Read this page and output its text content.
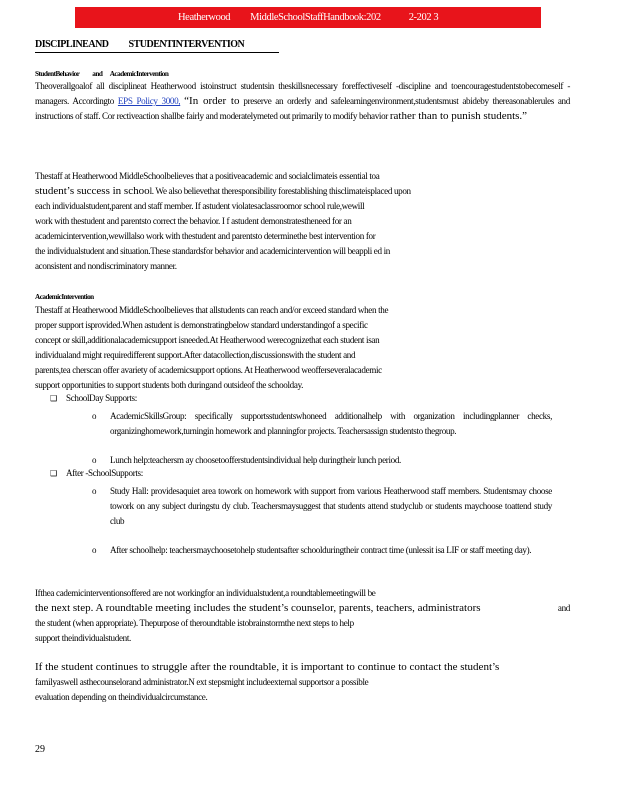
Heatherwood MiddleSchoolStaffHandbook:202	2-202 3
DISCIPLINEAND          STUDENTINTERVENTION
StudentBehavior          and      AcademicIntervention
Theoverallgoalof all disciplineat Heatherwood istoinstruct studentsin theskillsnecessary foreffectiveself -discipline and toencouragestudentstobecomeself -managers. Accordingto EPS Policy 3000, “In order to preserve an orderly and safelearningenvironment,studentsmust abideby thereasonablerules and instructions of staff. Cor rectiveaction shallbe fairly and moderatelymeted out primarily to modify behavior rather than to punish students.”
Thestaff at Heatherwood MiddleSchoolbelieves that a positiveacademic and socialclimateis essential toa
student’s success in school. We also believethat theresponsibility forestablishing thisclimateisplaced upon
each individualstudent,parent and staff member. If astudent violatesaclassroomor school rule,wewill
work with thestudent and parentsto correct the behavior. I f astudent demonstratestheneed for an
academicintervention,wewillalso work with thestudent and parentsto determinethe best intervention for
the individualstudent and situation.These standardsfor behavior and academicintervention will beappli ed in
aconsistent and nondiscriminatory manner.
AcademicIntervention
Thestaff at Heatherwood MiddleSchoolbelieves that allstudents can reach and/or exceed standard when the
proper support isprovided.When astudent is demonstratingbelow standard understandingof a specific
concept or skill,additionalacademicsupport isneeded.At Heatherwood werecognizethat each student isan
individualand might requiredifferent support.After datacollection,discussionswith the student and
parents,tea cherscan offer avariety of academicsupport options. At Heatherwood weofferseveralacademic
support opportunities to support students both duringand outsideof the schoolday.
❑ SchoolDay Supports:
o AcademicSkillsGroup: specifically supportsstudentswhoneed additionalhelp with organization includingplanner checks, organizinghomework,turningin homework and planningfor projects. Teachersassign studentsto thegroup.
o Lunch help:teachersm ay choosetoofferstudentsindividual help duringtheir lunch period.
❑ After -SchoolSupports:
o Study Hall: providesaquiet area towork on homework with support from various Heatherwood staff members. Studentsmay choose towork on any subject duringstu dy club. Teachersmaysuggest that students attend studyclub or students maychoose toattend study club
o After schoolhelp: teachersmaychoosetohelp studentsafter schoolduringtheir contract time (unlessit isa LIF or staff meeting day).
Ifthea cademicinterventionsoffered are not workingfor an individualstudent,a roundtablemeetingwill be
the next step. A roundtable meeting includes the student’s counselor, parents, teachers, administrators	and
the student (when appropriate). Thepurpose of theroundtable istobrainstormthe next steps to help
support theindividualstudent.
If the student continues to struggle after the roundtable, it is important to continue to contact the student’s
familyaswell asthecounselorand administrator.N ext stepsmight includeexternal supportsor a possible
evaluation depending on theindividualcircumstance.
29
